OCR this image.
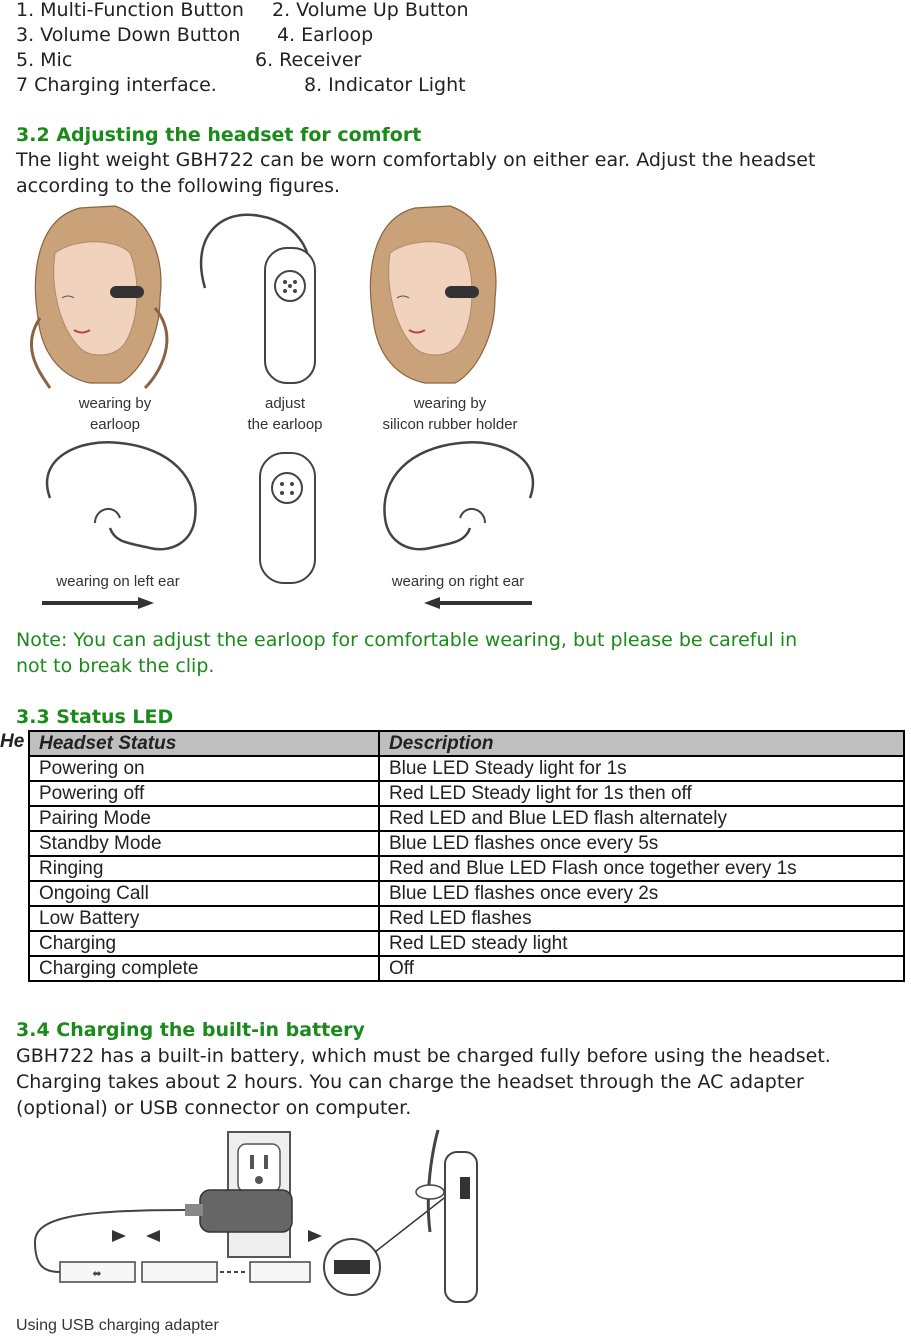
1. Multi-Function Button 2. Volume Up Button
3. Volume Down Button 4. Earloop
5. Mic	6. Receiver
7 Charging interface.	8. Indicator Light
3.2 Adjusting the headset for comfort
The light weight GBH722 can be worn comfortably on either ear. Adjust the headset
according to the following figures.
wearing by
earloop
adjust
the earloop
wearing by
silicon rubber holder
wearing on left ear	wearing on right ear
Note: You can adjust the earloop for comfortable wearing, but please be careful in
not to break the clip.
3.3 Status LED
He Headset Status	Description
Powering on	Blue LED Steady light for 1s
Powering off	Red LED Steady light for 1s then off
Pairing Mode	Red LED and Blue LED flash alternately
Standby Mode	Blue LED flashes once every 5s
Ringing	Red and Blue LED Flash once together every 1s
Ongoing Call	Blue LED flashes once every 2s
Low Battery	Red LED flashes
Charging	Red LED steady light
Charging complete	Off
3.4 Charging the built-in battery
GBH722 has a built-in battery, which must be charged fully before using the headset.
Charging takes about 2 hours. You can charge the headset through the AC adapter
(optional) or USB connector on computer.
⬌
Using USB charging adapter
